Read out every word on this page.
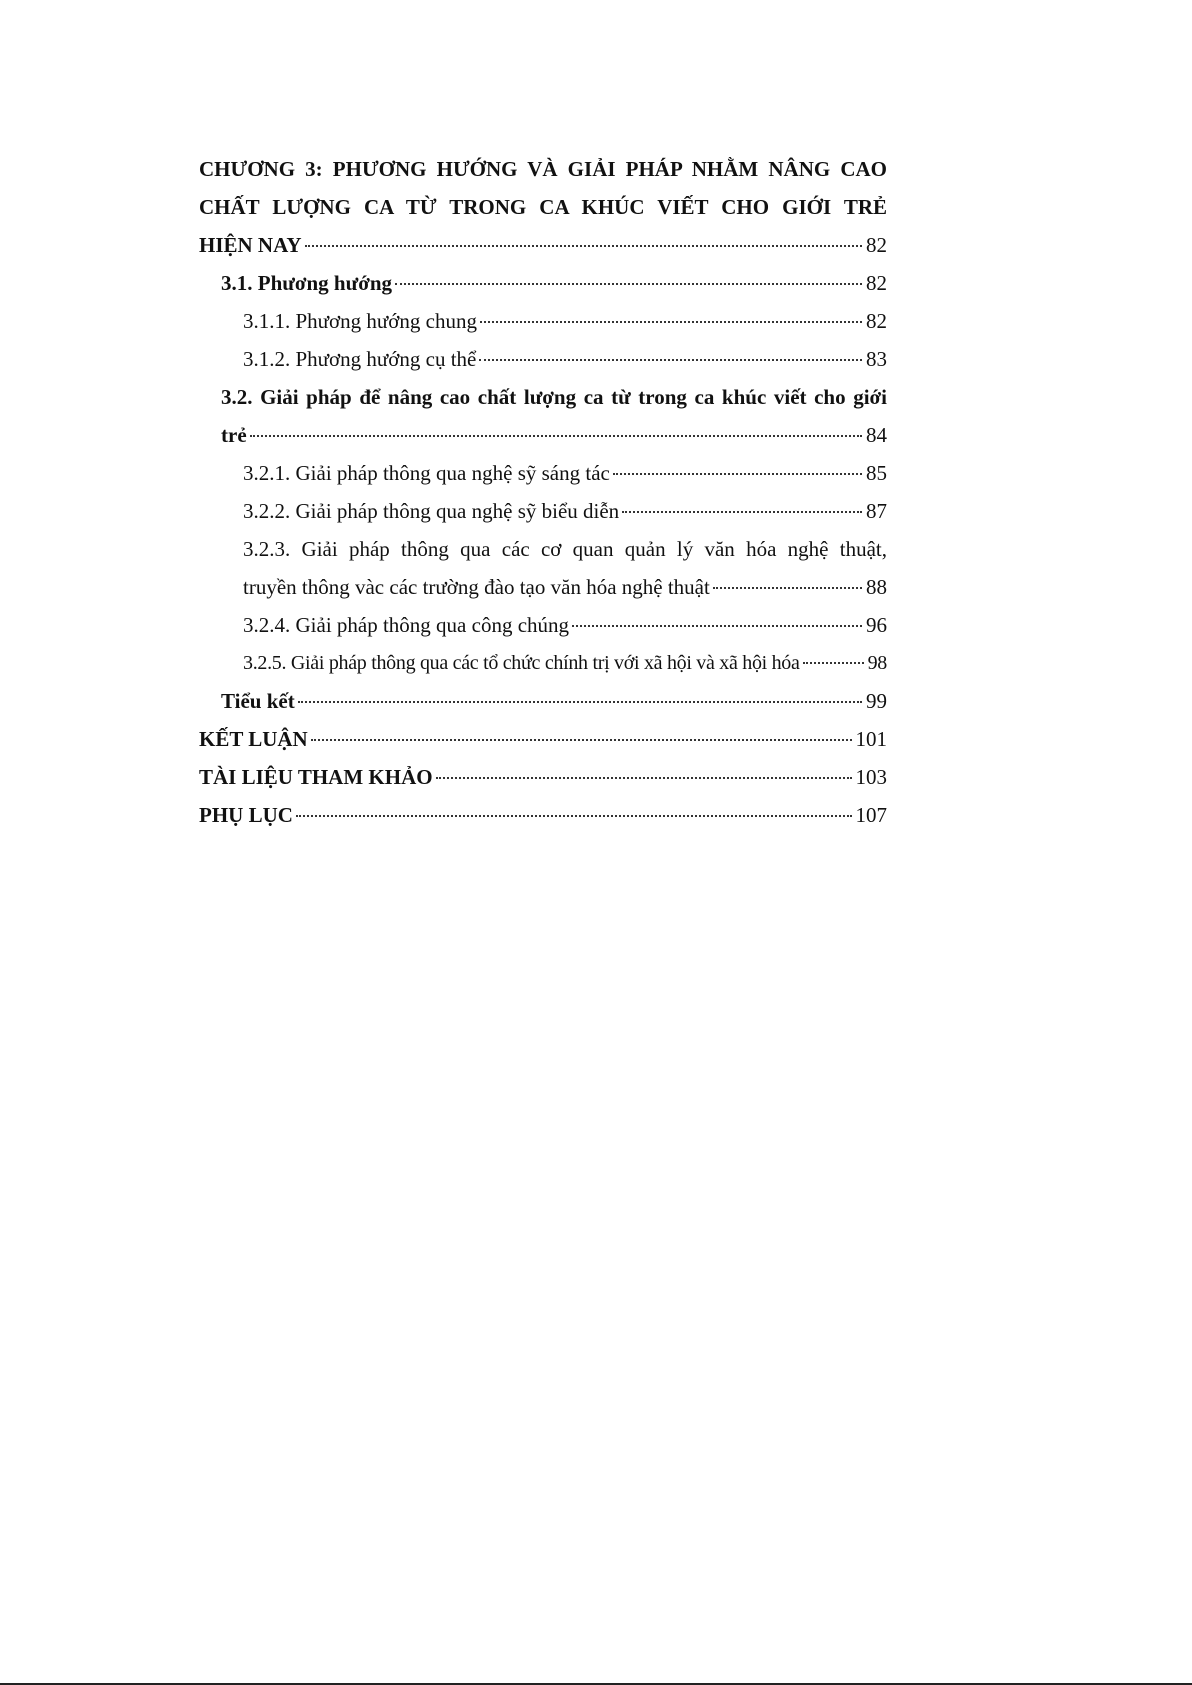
CHƯƠNG 3: PHƯƠNG HƯỚNG VÀ GIẢI PHÁP NHẰM NÂNG CAO
CHẤT LƯỢNG CA TỪ TRONG CA KHÚC VIẾT CHO GIỚI TRẺ
HIỆN NAY	82
3.1. Phương hướng	82
3.1.1. Phương hướng chung	82
3.1.2. Phương hướng cụ thể	83
3.2. Giải pháp để nâng cao chất lượng ca từ trong ca khúc viết cho giới
trẻ	84
3.2.1. Giải pháp thông qua nghệ sỹ sáng tác	85
3.2.2. Giải pháp thông qua nghệ sỹ biểu diễn	87
3.2.3. Giải pháp thông qua các cơ quan quản lý văn hóa nghệ thuật,
truyền thông vàc các trường đào tạo văn hóa nghệ thuật	88
3.2.4. Giải pháp thông qua công chúng	96
3.2.5. Giải pháp thông qua các tổ chức chính trị với xã hội và xã hội hóa	98
Tiểu kết	99
KẾT LUẬN	101
TÀI LIỆU THAM KHẢO	103
PHỤ LỤC	107
